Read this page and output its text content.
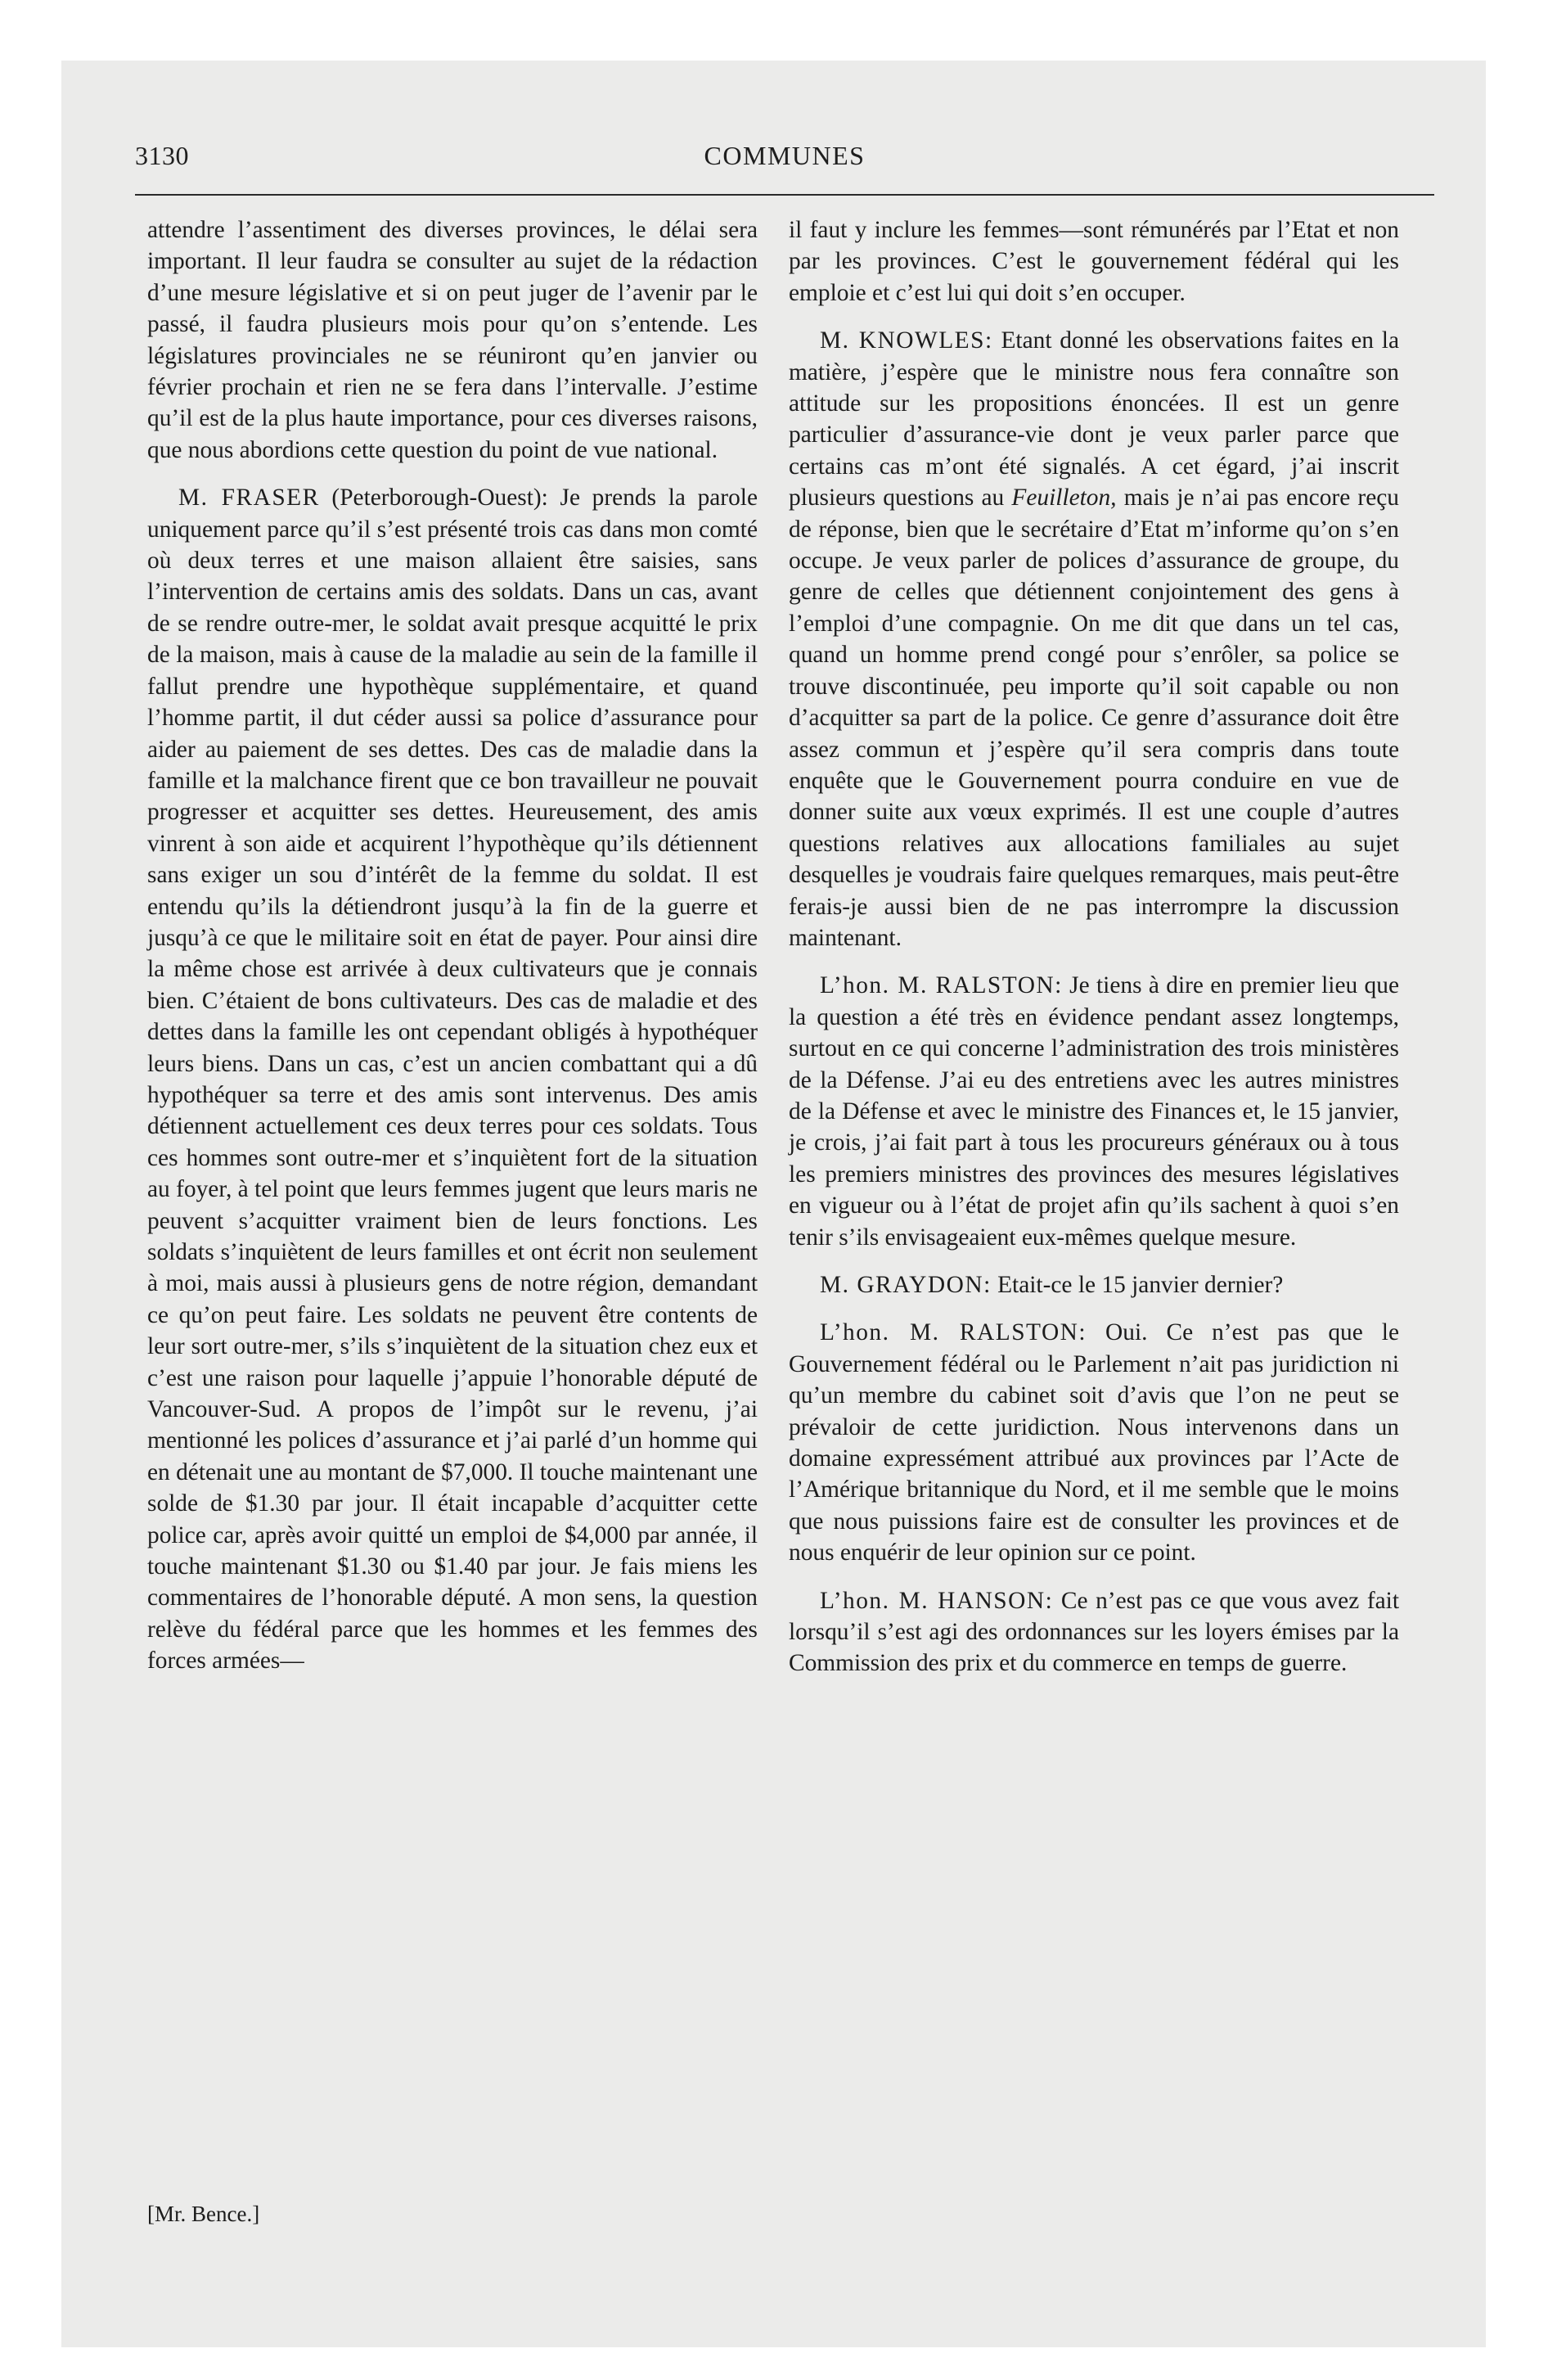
3130	COMMUNES

attendre l’assentiment des diverses provinces, le délai sera important. Il leur faudra se consulter au sujet de la rédaction d’une mesure législative et si on peut juger de l’avenir par le passé, il faudra plusieurs mois pour qu’on s’entende. Les législatures provinciales ne se réuniront qu’en janvier ou février prochain et rien ne se fera dans l’intervalle. J’estime qu’il est de la plus haute importance, pour ces diverses raisons, que nous abordions cette question du point de vue national.

M. FRASER (Peterborough-Ouest): Je prends la parole uniquement parce qu’il s’est présenté trois cas dans mon comté où deux terres et une maison allaient être saisies, sans l’intervention de certains amis des soldats. Dans un cas, avant de se rendre outre-mer, le soldat avait presque acquitté le prix de la maison, mais à cause de la maladie au sein de la famille il fallut prendre une hypothèque supplémentaire, et quand l’homme partit, il dut céder aussi sa police d’assurance pour aider au paiement de ses dettes. Des cas de maladie dans la famille et la malchance firent que ce bon travailleur ne pouvait progresser et acquitter ses dettes. Heureusement, des amis vinrent à son aide et acquirent l’hypothèque qu’ils détiennent sans exiger un sou d’intérêt de la femme du soldat. Il est entendu qu’ils la détiendront jusqu’à la fin de la guerre et jusqu’à ce que le militaire soit en état de payer. Pour ainsi dire la même chose est arrivée à deux cultivateurs que je connais bien. C’étaient de bons cultivateurs. Des cas de maladie et des dettes dans la famille les ont cependant obligés à hypothéquer leurs biens. Dans un cas, c’est un ancien combattant qui a dû hypothéquer sa terre et des amis sont intervenus. Des amis détiennent actuellement ces deux terres pour ces soldats. Tous ces hommes sont outre-mer et s’inquiètent fort de la situation au foyer, à tel point que leurs femmes jugent que leurs maris ne peuvent s’acquitter vraiment bien de leurs fonctions. Les soldats s’inquiètent de leurs familles et ont écrit non seulement à moi, mais aussi à plusieurs gens de notre région, demandant ce qu’on peut faire. Les soldats ne peuvent être contents de leur sort outre-mer, s’ils s’inquiètent de la situation chez eux et c’est une raison pour laquelle j’appuie l’honorable député de Vancouver-Sud. A propos de l’impôt sur le revenu, j’ai mentionné les polices d’assurance et j’ai parlé d’un homme qui en détenait une au montant de $7,000. Il touche maintenant une solde de $1.30 par jour. Il était incapable d’acquitter cette police car, après avoir quitté un emploi de $4,000 par année, il touche maintenant $1.30 ou $1.40 par jour. Je fais miens les commentaires de l’honorable député. A mon sens, la question relève du fédéral parce que les hommes et les femmes des forces armées—

il faut y inclure les femmes—sont rémunérés par l’Etat et non par les provinces. C’est le gouvernement fédéral qui les emploie et c’est lui qui doit s’en occuper.

M. KNOWLES: Etant donné les observations faites en la matière, j’espère que le ministre nous fera connaître son attitude sur les propositions énoncées. Il est un genre particulier d’assurance-vie dont je veux parler parce que certains cas m’ont été signalés. A cet égard, j’ai inscrit plusieurs questions au Feuilleton, mais je n’ai pas encore reçu de réponse, bien que le secrétaire d’Etat m’informe qu’on s’en occupe. Je veux parler de polices d’assurance de groupe, du genre de celles que détiennent conjointement des gens à l’emploi d’une compagnie. On me dit que dans un tel cas, quand un homme prend congé pour s’enrôler, sa police se trouve discontinuée, peu importe qu’il soit capable ou non d’acquitter sa part de la police. Ce genre d’assurance doit être assez commun et j’espère qu’il sera compris dans toute enquête que le Gouvernement pourra conduire en vue de donner suite aux vœux exprimés. Il est une couple d’autres questions relatives aux allocations familiales au sujet desquelles je voudrais faire quelques remarques, mais peut-être ferais-je aussi bien de ne pas interrompre la discussion maintenant.

L’hon. M. RALSTON: Je tiens à dire en premier lieu que la question a été très en évidence pendant assez longtemps, surtout en ce qui concerne l’administration des trois ministères de la Défense. J’ai eu des entretiens avec les autres ministres de la Défense et avec le ministre des Finances et, le 15 janvier, je crois, j’ai fait part à tous les procureurs généraux ou à tous les premiers ministres des provinces des mesures législatives en vigueur ou à l’état de projet afin qu’ils sachent à quoi s’en tenir s’ils envisageaient eux-mêmes quelque mesure.

M. GRAYDON: Etait-ce le 15 janvier dernier?

L’hon. M. RALSTON: Oui. Ce n’est pas que le Gouvernement fédéral ou le Parlement n’ait pas juridiction ni qu’un membre du cabinet soit d’avis que l’on ne peut se prévaloir de cette juridiction. Nous intervenons dans un domaine expressément attribué aux provinces par l’Acte de l’Amérique britannique du Nord, et il me semble que le moins que nous puissions faire est de consulter les provinces et de nous enquérir de leur opinion sur ce point.

L’hon. M. HANSON: Ce n’est pas ce que vous avez fait lorsqu’il s’est agi des ordonnances sur les loyers émises par la Commission des prix et du commerce en temps de guerre.

[Mr. Bence.]
